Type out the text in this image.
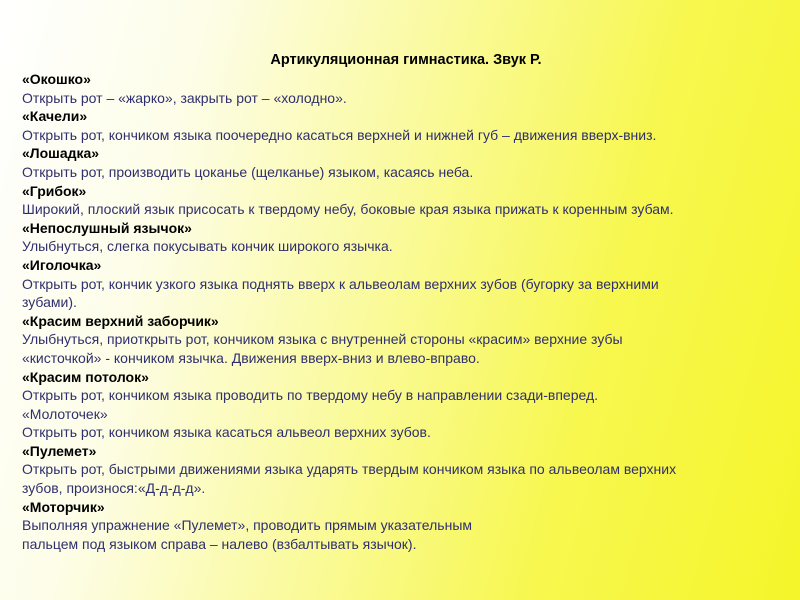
Артикуляционная гимнастика. Звук Р.
«Окошко»
Открыть рот – «жарко», закрыть рот – «холодно».
«Качели»
Открыть рот, кончиком языка поочередно касаться верхней и нижней губ – движения вверх-вниз.
«Лошадка»
Открыть рот, производить цоканье (щелканье) языком, касаясь неба.
«Грибок»
Широкий, плоский язык присосать к твердому небу, боковые края языка прижать к коренным зубам.
«Непослушный язычок»
Улыбнуться, слегка покусывать кончик широкого язычка.
«Иголочка»
Открыть рот, кончик узкого языка поднять вверх к альвеолам верхних зубов (бугорку за верхними
зубами).
«Красим верхний заборчик»
Улыбнуться, приоткрыть рот, кончиком языка с внутренней стороны «красим» верхние зубы
«кисточкой» - кончиком язычка. Движения вверх-вниз и влево-вправо.
«Красим потолок»
Открыть рот, кончиком языка проводить по твердому небу в направлении сзади-вперед.
«Молоточек»
Открыть рот, кончиком языка касаться альвеол верхних зубов.
«Пулемет»
Открыть рот, быстрыми движениями языка ударять твердым кончиком языка по альвеолам верхних
зубов, произнося:«Д-д-д-д».
«Моторчик»
Выполняя упражнение «Пулемет», проводить прямым указательным
пальцем под языком справа – налево (взбалтывать язычок).
